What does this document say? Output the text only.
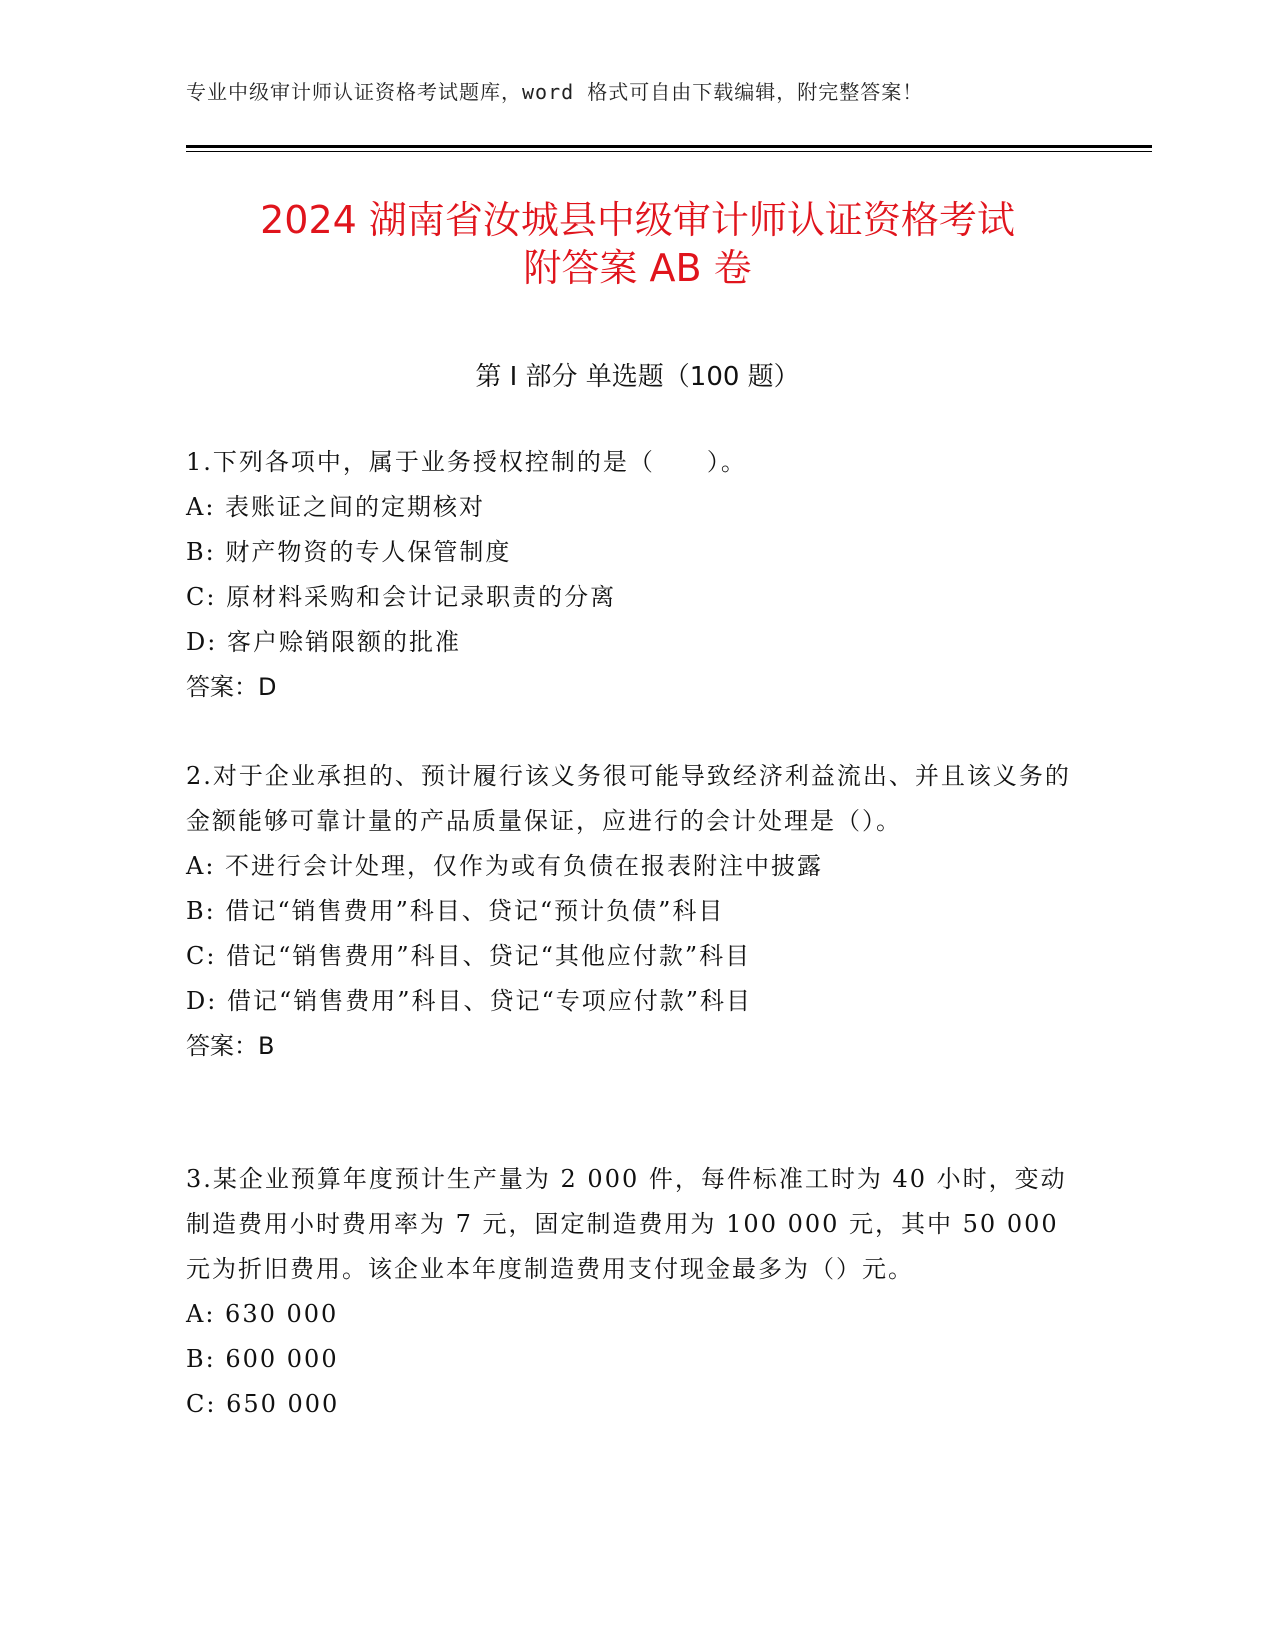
专业中级审计师认证资格考试题库，word 格式可自由下载编辑，附完整答案！
2024 湖南省汝城县中级审计师认证资格考试
附答案 AB 卷
第 I 部分 单选题（100 题）

1.下列各项中，属于业务授权控制的是（　　）。

A: 表账证之间的定期核对
B: 财产物资的专人保管制度
C: 原材料采购和会计记录职责的分离
D: 客户赊销限额的批准
答案：D

2.对于企业承担的、预计履行该义务很可能导致经济利益流出、并且该义务的金额能够可靠计量的产品质量保证，应进行的会计处理是（）。

A: 不进行会计处理，仅作为或有负债在报表附注中披露
B: 借记“销售费用”科目、贷记“预计负债”科目
C: 借记“销售费用”科目、贷记“其他应付款”科目
D: 借记“销售费用”科目、贷记“专项应付款”科目
答案：B

3.某企业预算年度预计生产量为 2 000 件，每件标准工时为 40 小时，变动制造费用小时费用率为 7 元，固定制造费用为 100 000 元，其中 50 000 元为折旧费用。该企业本年度制造费用支付现金最多为（）元。

A: 630 000
B: 600 000
C: 650 000
